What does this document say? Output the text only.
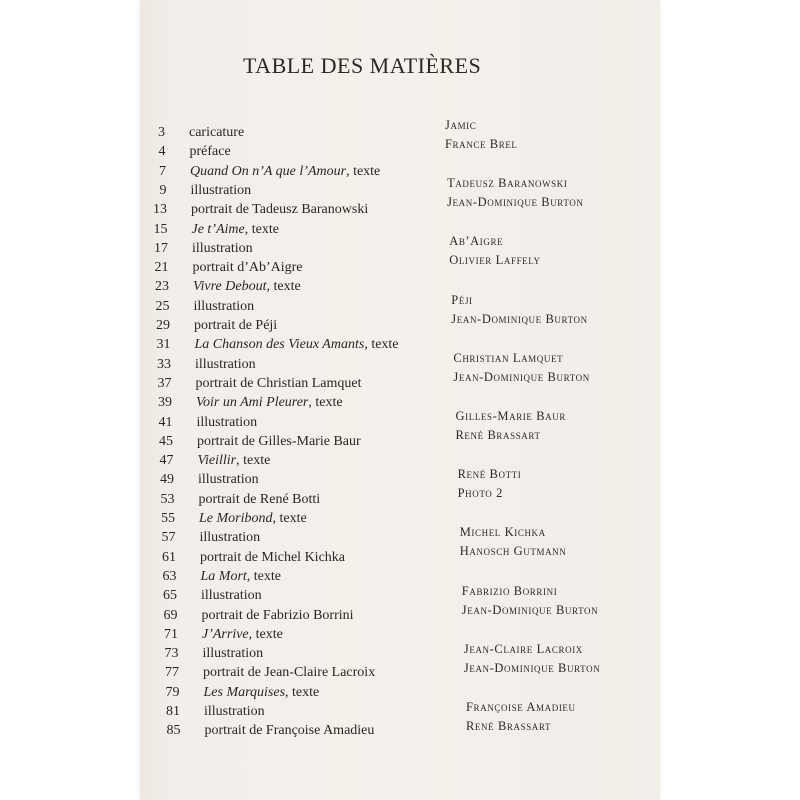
TABLE DES MATIÈRES
3 caricature
4 préface
7 Quand On n’A que l’Amour, texte
9 illustration
13 portrait de Tadeusz Baranowski
15 Je t’Aime, texte
17 illustration
21 portrait d’Ab’Aigre
23 Vivre Debout, texte
25 illustration
29 portrait de Péji
31 La Chanson des Vieux Amants, texte
33 illustration
37 portrait de Christian Lamquet
39 Voir un Ami Pleurer, texte
41 illustration
45 portrait de Gilles-Marie Baur
47 Vieillir, texte
49 illustration
53 portrait de René Botti
55 Le Moribond, texte
57 illustration
61 portrait de Michel Kichka
63 La Mort, texte
65 illustration
69 portrait de Fabrizio Borrini
71 J’Arrive, texte
73 illustration
77 portrait de Jean-Claire Lacroix
79 Les Marquises, texte
81 illustration
85 portrait de Françoise Amadieu
Jamic
France Brel
Tadeusz Baranowski
Jean-Dominique Burton
Ab’Aigre
Olivier Laffely
Péji
Jean-Dominique Burton
Christian Lamquet
Jean-Dominique Burton
Gilles-Marie Baur
René Brassart
René Botti
Photo 2
Michel Kichka
Hanosch Gutmann
Fabrizio Borrini
Jean-Dominique Burton
Jean-Claire Lacroix
Jean-Dominique Burton
Françoise Amadieu
René Brassart
